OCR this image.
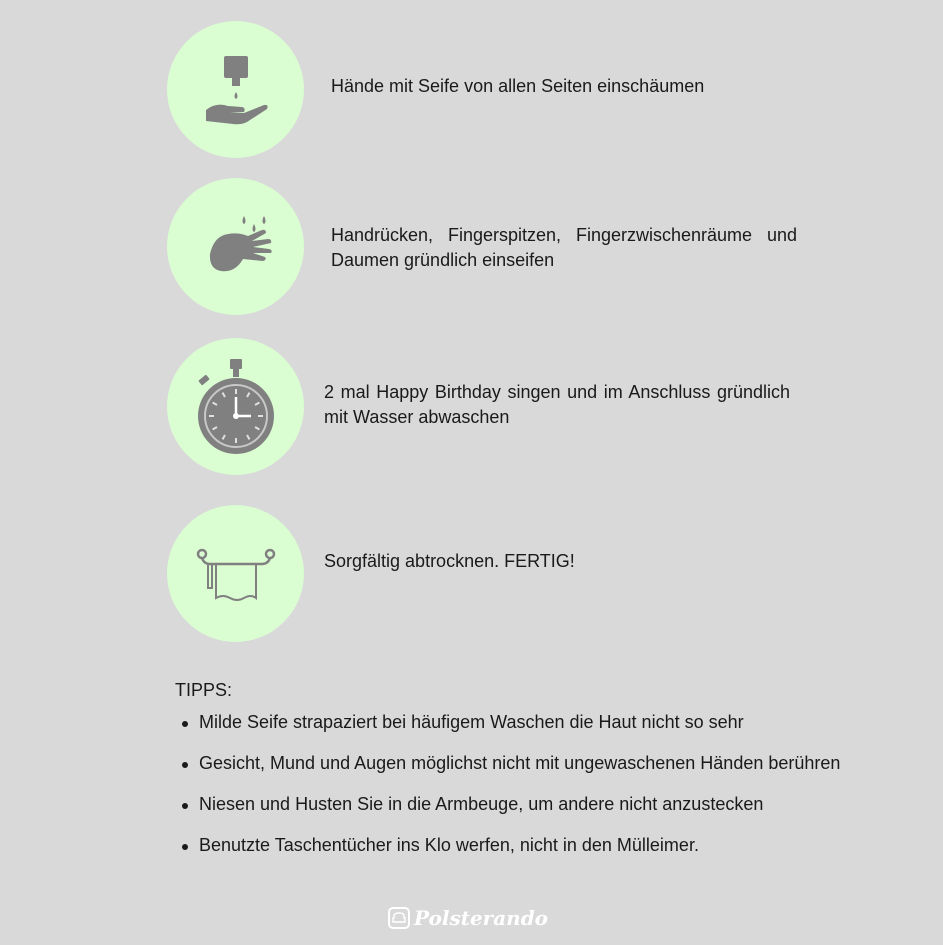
Hände mit Seife von allen Seiten einschäumen
Handrücken, Fingerspitzen, Fingerzwischenräume und Daumen gründlich einseifen
2 mal Happy Birthday singen und im Anschluss gründlich mit Wasser abwaschen
Sorgfältig abtrocknen. FERTIG!
TIPPS:
Milde Seife strapaziert bei häufigem Waschen die Haut nicht so sehr
Gesicht, Mund und Augen möglichst nicht mit ungewaschenen Händen berühren
Niesen und Husten Sie in die Armbeuge, um andere nicht anzustecken
Benutzte Taschentücher ins Klo werfen, nicht in den Mülleimer.
Polsterando
